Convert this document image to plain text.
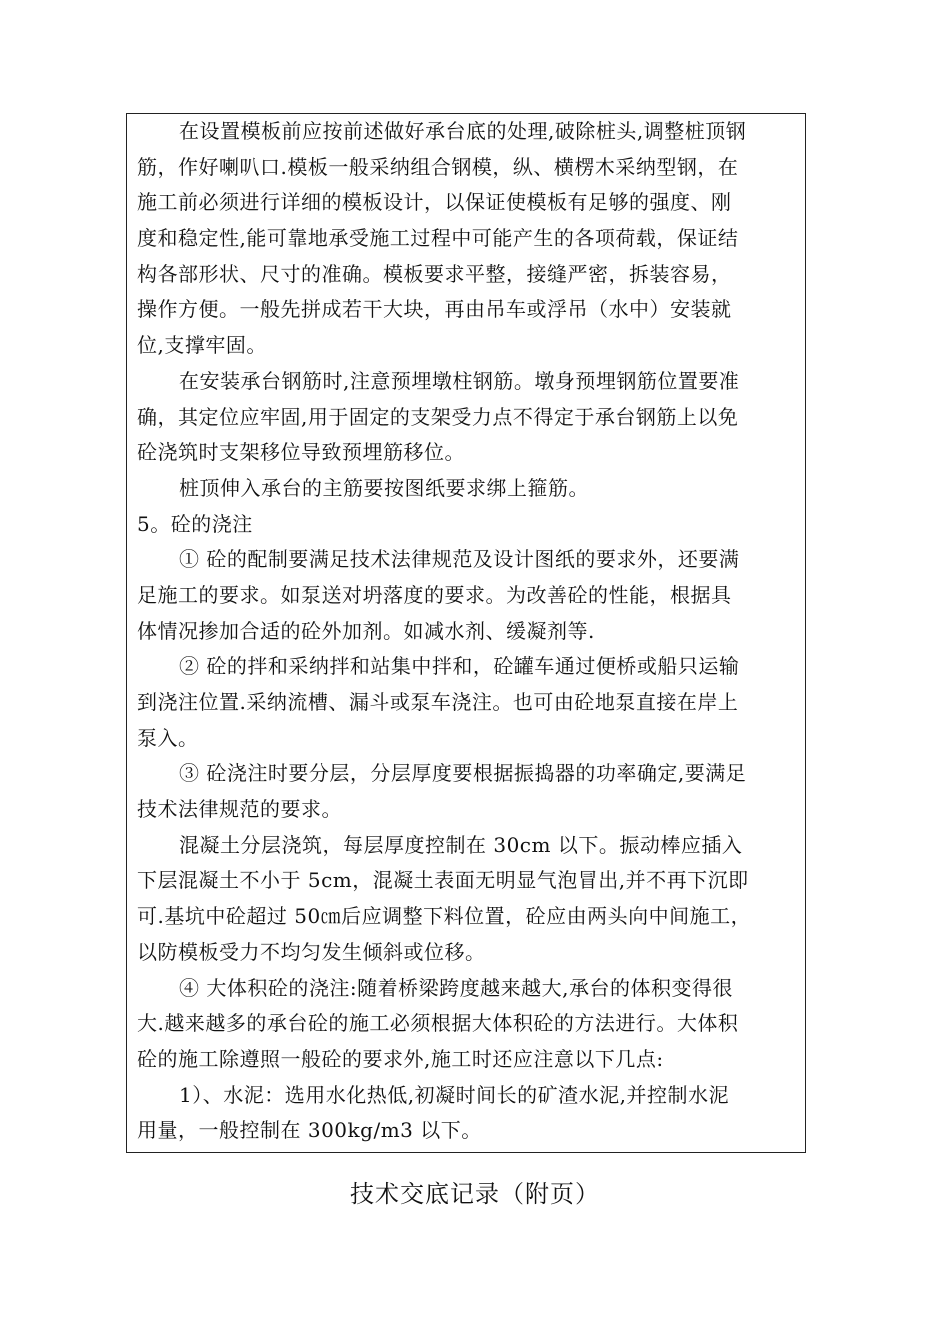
在设置模板前应按前述做好承台底的处理,破除桩头,调整桩顶钢
筋，作好喇叭口.模板一般采纳组合钢模，纵、横楞木采纳型钢，在
施工前必须进行详细的模板设计，以保证使模板有足够的强度、刚
度和稳定性,能可靠地承受施工过程中可能产生的各项荷载，保证结
构各部形状、尺寸的准确。模板要求平整，接缝严密，拆装容易，
操作方便。一般先拼成若干大块，再由吊车或浮吊（水中）安装就
位,支撑牢固。
在安装承台钢筋时,注意预埋墩柱钢筋。墩身预埋钢筋位置要准
确，其定位应牢固,用于固定的支架受力点不得定于承台钢筋上以免
砼浇筑时支架移位导致预埋筋移位。
桩顶伸入承台的主筋要按图纸要求绑上箍筋。
5。砼的浇注
① 砼的配制要满足技术法律规范及设计图纸的要求外，还要满
足施工的要求。如泵送对坍落度的要求。为改善砼的性能，根据具
体情况掺加合适的砼外加剂。如减水剂、缓凝剂等.
② 砼的拌和采纳拌和站集中拌和，砼罐车通过便桥或船只运输
到浇注位置.采纳流槽、漏斗或泵车浇注。也可由砼地泵直接在岸上
泵入。
③ 砼浇注时要分层，分层厚度要根据振捣器的功率确定,要满足
技术法律规范的要求。
混凝土分层浇筑，每层厚度控制在 30cm 以下。振动棒应插入
下层混凝土不小于 5cm，混凝土表面无明显气泡冒出,并不再下沉即
可.基坑中砼超过 50㎝后应调整下料位置，砼应由两头向中间施工，
以防模板受力不均匀发生倾斜或位移。
④ 大体积砼的浇注:随着桥梁跨度越来越大,承台的体积变得很
大.越来越多的承台砼的施工必须根据大体积砼的方法进行。大体积
砼的施工除遵照一般砼的要求外,施工时还应注意以下几点:
1）、水泥：选用水化热低,初凝时间长的矿渣水泥,并控制水泥
用量，一般控制在 300kg/m3 以下。
技术交底记录（附页）
